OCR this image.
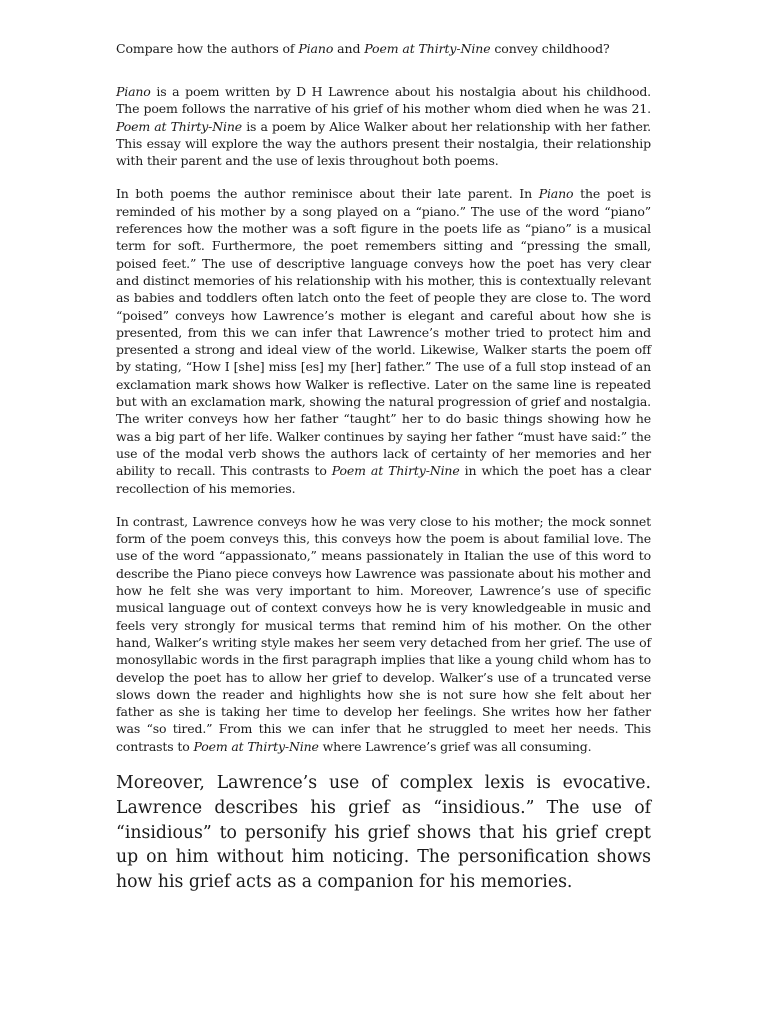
Compare how the authors of Piano and Poem at Thirty-Nine convey childhood?

Piano is a poem written by D H Lawrence about his nostalgia about his childhood. The poem follows the narrative of his grief of his mother whom died when he was 21. Poem at Thirty-Nine is a poem by Alice Walker about her relationship with her father. This essay will explore the way the authors present their nostalgia, their relationship with their parent and the use of lexis throughout both poems.

In both poems the author reminisce about their late parent. In Piano the poet is reminded of his mother by a song played on a “piano.” The use of the word “piano” references how the mother was a soft figure in the poets life as “piano” is a musical term for soft. Furthermore, the poet remembers sitting and “pressing the small, poised feet.” The use of descriptive language conveys how the poet has very clear and distinct memories of his relationship with his mother, this is contextually relevant as babies and toddlers often latch onto the feet of people they are close to. The word “poised” conveys how Lawrence’s mother is elegant and careful about how she is presented, from this we can infer that Lawrence’s mother tried to protect him and presented a strong and ideal view of the world. Likewise, Walker starts the poem off by stating, “How I [she] miss [es] my [her] father.” The use of a full stop instead of an exclamation mark shows how Walker is reflective. Later on the same line is repeated but with an exclamation mark, showing the natural progression of grief and nostalgia. The writer conveys how her father “taught” her to do basic things showing how he was a big part of her life. Walker continues by saying her father “must have said:” the use of the modal verb shows the authors lack of certainty of her memories and her ability to recall. This contrasts to Poem at Thirty-Nine in which the poet has a clear recollection of his memories.

In contrast, Lawrence conveys how he was very close to his mother; the mock sonnet form of the poem conveys this, this conveys how the poem is about familial love. The use of the word “appassionato,” means passionately in Italian the use of this word to describe the Piano piece conveys how Lawrence was passionate about his mother and how he felt she was very important to him. Moreover, Lawrence’s use of specific musical language out of context conveys how he is very knowledgeable in music and feels very strongly for musical terms that remind him of his mother. On the other hand, Walker’s writing style makes her seem very detached from her grief. The use of monosyllabic words in the first paragraph implies that like a young child whom has to develop the poet has to allow her grief to develop. Walker’s use of a truncated verse slows down the reader and highlights how she is not sure how she felt about her father as she is taking her time to develop her feelings. She writes how her father was “so tired.” From this we can infer that he struggled to meet her needs. This contrasts to Poem at Thirty-Nine where Lawrence’s grief was all consuming.

Moreover, Lawrence’s use of complex lexis is evocative. Lawrence describes his grief as “insidious.” The use of “insidious” to personify his grief shows that his grief crept up on him without him noticing. The personification shows how his grief acts as a companion for his memories.
